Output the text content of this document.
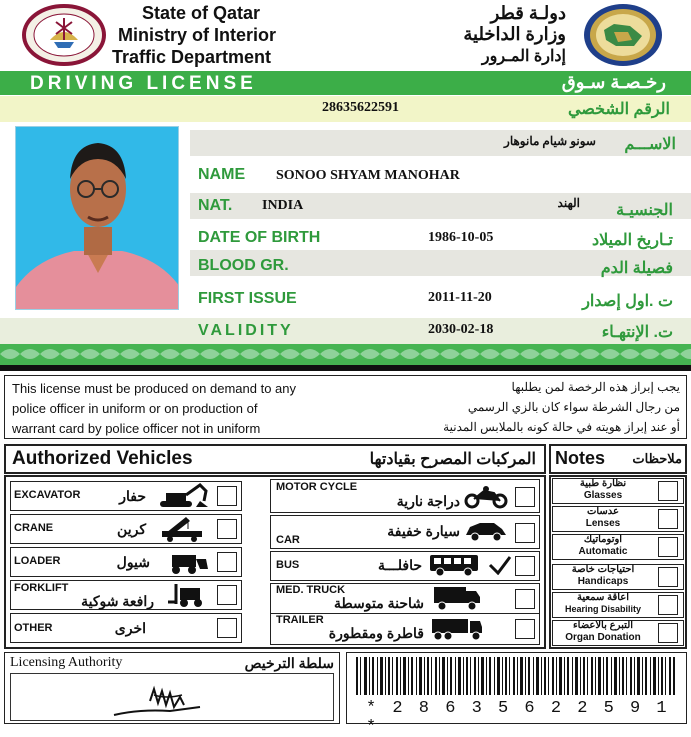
State of Qatar
Ministry of Interior
Traffic Department
دولـة قطر
وزارة الداخلية
إدارة المـرور
DRIVING LICENSE	رخـصـة سـوق
28635622591	الرقم الشخصي
سونو شيام مانوهار	الاســـم
NAME SONOO SHYAM MANOHAR
NAT. INDIA	الهند الجنسيـة
DATE OF BIRTH	1986-10-05	تـاريخ الميلاد
BLOOD GR.	فصيلة الدم
FIRST ISSUE	2011-11-20	ت .اول إصدار
VALIDITY	2030-02-18	ت. الإنتهـاء
This license must be produced on demand to any
police officer in uniform or on production of
warrant card by police officer not in uniform
يجب إبراز هذه الرخصة لمن يطلبها
من رجال الشرطة سواء كان بالزي الرسمي
أو عند إبراز هويته في حالة كونه بالملابس المدنية
Authorized Vehicles	المركبات المصرح بقيادتها Notes	ملاحظات
EXCAVATOR	حفار
CRANE	كرين
LOADER	شيول
FORKLIFT
رافعة شوكية
OTHER	اخرى
MOTOR CYCLE
دراجة نارية
CAR
سيارة خفيفة
BUS	حافلـــة
MED. TRUCK
شاحنة متوسطة
TRAILER
قاطرة ومقطورة
نظارة طبية
Glasses
عدسات
Lenses
اوتوماتيك
Automatic
احتياجات خاصة
Handicaps
اعاقة سمعية
Hearing Disability
التبرع بالاعضاء
Organ Donation
Licensing Authority	سلطة الترخيص
* 2 8 6 3 5 6 2 2 5 9 1 *
